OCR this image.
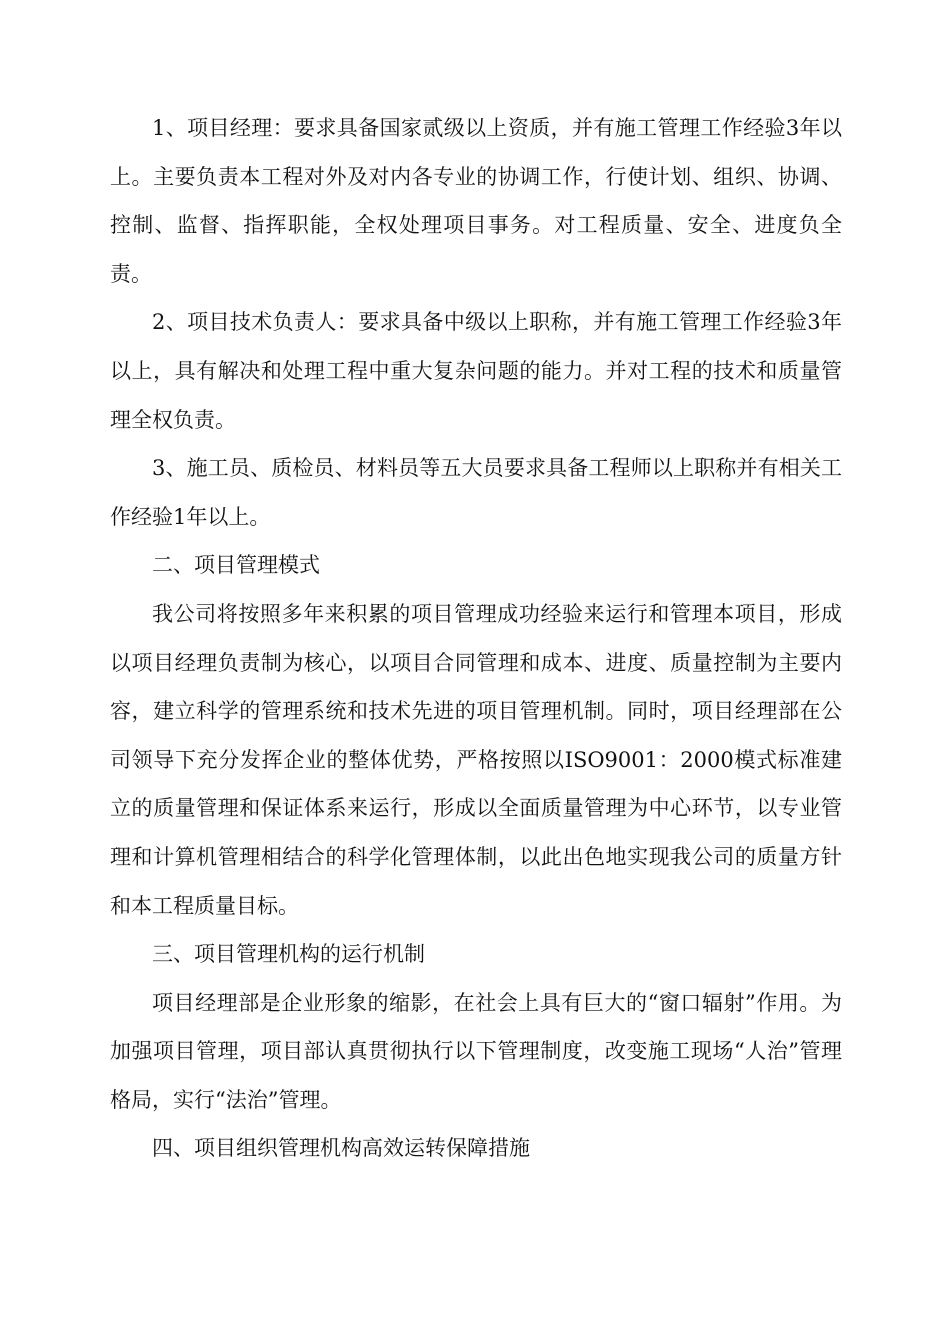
1、项目经理：要求具备国家贰级以上资质，并有施工管理工作经验3年以上。主要负责本工程对外及对内各专业的协调工作，行使计划、组织、协调、控制、监督、指挥职能，全权处理项目事务。对工程质量、安全、进度负全责。

2、项目技术负责人：要求具备中级以上职称，并有施工管理工作经验3年以上，具有解决和处理工程中重大复杂问题的能力。并对工程的技术和质量管理全权负责。

3、施工员、质检员、材料员等五大员要求具备工程师以上职称并有相关工作经验1年以上。

二、项目管理模式

我公司将按照多年来积累的项目管理成功经验来运行和管理本项目，形成以项目经理负责制为核心，以项目合同管理和成本、进度、质量控制为主要内容，建立科学的管理系统和技术先进的项目管理机制。同时，项目经理部在公司领导下充分发挥企业的整体优势，严格按照以ISO9001：2000模式标准建立的质量管理和保证体系来运行，形成以全面质量管理为中心环节，以专业管理和计算机管理相结合的科学化管理体制，以此出色地实现我公司的质量方针和本工程质量目标。

三、项目管理机构的运行机制

项目经理部是企业形象的缩影，在社会上具有巨大的“窗口辐射”作用。为加强项目管理，项目部认真贯彻执行以下管理制度，改变施工现场“人治”管理格局，实行“法治”管理。

四、项目组织管理机构高效运转保障措施
